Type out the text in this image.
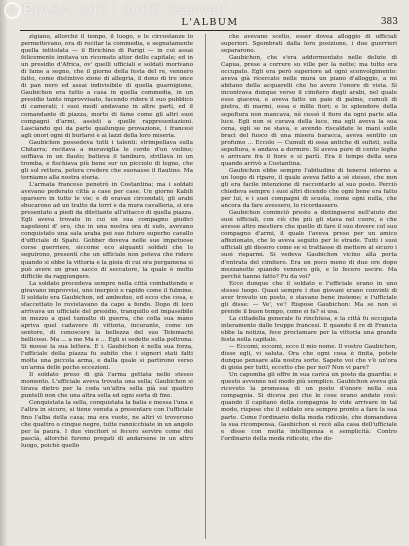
c BIASA Tutti i diritti riservati
L'ALBUM	383

zigiano, allorchè il tempo, il luogo, e le circostanze lo permettevano, era di recitar la commedia, e segnatamente quella intitolata — il Birichino di Parigi — in cui assai felicemente imitava un ricomato attor dello capitale; ed in un presidio d'Africa, ov' quelli ufficiali e soldati morivano di fame a segno, che il giorno della festa del re, vennero fatto, come distintivo zione di allegria, il dono di tre once di pan nero ed assai indivisibile di quella guarnigione, Gaubichon era tutto a casa in quella commedia, in un presidio tanto improvvisato, facendo ridere il suo pubblico di camerati; i suoi modi andavano in altre parti, ed il comandante di piazza, morto di fame come gli altri suoi compagni d'armi, assisti a quelle rappresentazioni. Lasciando qui da parte qualunque provazione, i francesi agli onori ogni di burlarsi e ai lazzi della loro miseria.

Gaubichon possedeva tutti i talenti: strimpellava sulla Chitarra; recitava a meraviglia le corde d'un violino; soffiava in un flauto; batteva il tamburo, strillava in un tromba, e fischiava più bene sur un picciolo di legno, che gli sol rettera, potera credere che suonasse il flautino. Ma torniamo alla nostra storia.

L'armata francese penetrò in Costantina; ma i soldati avevano pederato città a case per case. Un giorno Kabili sparsero in tutte le vie; e di eravan circondati, gli arabi sbucarono ad un tratto da torri e da mura cavalleria, si era presentato a piedi da dilettante all'attacco di quella piazza. Egli aveva trovato in cui un sua compagno giudici napoleoni d' oro, che in una nostra ora di sufo, avevano conquistato una sala araba poi suo futuro superbo cavallo d'ufficiale di Spahi. Gobber doveva nelle sue impetuose corse guerriere, siccome eco alquanti soldati che lo seguirono, presentì che un ufficiale non poteva che ridere quando si ebbe la vittoria e la gioia di cui ora pergamena si può avere un gran sacco di seccatore, la quale è molto difficile da raggiungere.

La soldato procedeva sempre nella città combattendo e giravano improvvisi, uno inerpicò e rapido come il fulmine. Il soldato era Gaubichon, ed ambedue, ed ecco che cosa, e sfaccettato lo rovistavano da capo a fondo. Dopo di loro arrivava un ufficiale del presidio, tranquillo ed impassibile in mezzo a quel tumulto di guerra, che colla sua mano apriva quel cadavere di vittoria, incurante, come un sentore, di conoscere la bellezza del suo Telemachi bellicoso. Ma ... a me Ma e ... Egli si sedette sulla poltrona. Si mosse la sua lettera. E i. Gaubichon è nella sua forza, l'ufficiale della piazza fu subito che i signori stati fatti molta una piccola arma, e dalla quale si partirono verso un'arma delle poche eccezioni.

Il soldato preso di già l'arma gettata nello stesso momento. L'ufficiale aveva trovata una sella; Gaubichon si tirava dietro per la coda un'altra sella già sui quattro puntelli non che una altra sella ed ogni sorta di fine.

Conquistata la sella, conquistata la balia e messa l'una e l'altra in sicuro, si tiene venuta a presentare con l'ufficiale fino l'alba della casa; ma era vuoto, ne altri vi troverono che quattro o cinque negre, tutte rannicchiate in un angolo per la paura. I due vincitori si fecero servire come dei pascià, allorchè furono pregati di andarsene in un altro luogo, poichè quello

che avevano scelto, esser dovea alloggio di ufficiali superiori. Sgombrati dalla loro posizione, i due guerrieri separarono.

Gaubichon, che s'era addormentato nelle delizie di Capua, prese a correre su ville per la notte; ma tutto era occupato. Egli era però superiore ad ogni sconvolgimento: aveva già ricercato nelle mura un piano d'alloggio, a mi abitano della acquarelli che ho avere l'onore di vista. Si incontrava dunque verso il cimitero degli arabi, nel quale esso giaceva, e aveva fatto un paio di palme, cumuli di pietra, di marmi, ossa e mille fiori; e lo splendore della sepoltura non mancava, nè cessò il fiore da ogni parte alla luce. Egli non si curava della luce, ma egli aveva la sua cena, egli se ne stava, e avendo riscaldate le mani sulle braci del fuoco di una misera baracca, aveva sentito un profumo ... Eccolo — Cumuli di ossa antiche di sufisti, sulla sepoltura, e andava a dormire. Si aveva pure di cento leghe e arrivare fra il fiore e si partì. Era il tempo della sera quando arrivò a Costantina.

Gaubichon ebbe sempre l'abitudine di tenersi intorno a un luogo di riparo, il quale aveva fatto a sè stesso, che non gli era facile intenzione di raccontarlo al suo posto. Perciò chiedeva sempre i suoi altri dicendo che ogni bene era fatto per lui, e i suoi compagni di scuola, come ogni nulla, che ancora da fare avessero, lo ricordassero.

Gaubichon cominciò presto a distinguersi nell'aiuto dei suoi ufficiali, con ciò che più gli stava nel cuore, e che avesse altro mestiere che quello di fare il suo dovere col suo compagno d'armi, il quale l'aveva preso per un amico affezionato, che lo aveva seguito per le strade. Tutti i suoi ufficiali gli dissero come se si trattasse di mettere al sicuro i suoi risparmi. Si vedeva Gaubichon vicino alla porta d'entrata del cimitero. Era un poco meno di due ore dopo mezzanotte quando vennero giù, e lo fecero uscire. Ma perchè hanno fatto? Fu da voi?

Ecco dunque che il soldato e l'ufficiale erano in uno stesso luogo. Quasi sempre i due giovani erano convinti di aver trovato un posto, e stavano bene insieme; e l'ufficiale gli disse: — Ve', ve'! Rispose Gaubichon: Ma se non si prende il buon tempo, come si fa? si usa.

La cittadella generale fu rinchiusa, e la città fu occupata interamente dalle truppe francesi. E quando il re di Francia ebbe la notizia, fece proclamare per la vittoria una grande festa nella capitale.

— Eccomi, eccomi, ecco il mio nome. Il vostro Gaubichon, disse egli, vi saluta. Ora che ogni cosa è finita, potete dunque pensare alla nostra sorte. Sapete voi che v'è un'ora di gioia per tutti, eccetto che per noi? Non vi pare?

Un capomba gli offre in sua carica un posto da guardia: e questo avvenne nel modo più semplice. Gaubichon aveva già ricevuto la promessa di un posto d'onore nella sua compagnia. Si diceva poi che le cose erano andate così: quando il capitano della compagnia lo vide arrivare in tal modo, rispose che il soldato era sempre pronto a fare la sua parte. Come l'ordinario della moda ridicolo, che domandava la sua ricompensa, Gaubichon si recò alla casa dell'ufficiale e disse con molta intelligenza e semplicità: Contro l'ordinario della moda ridicolo, che do-
